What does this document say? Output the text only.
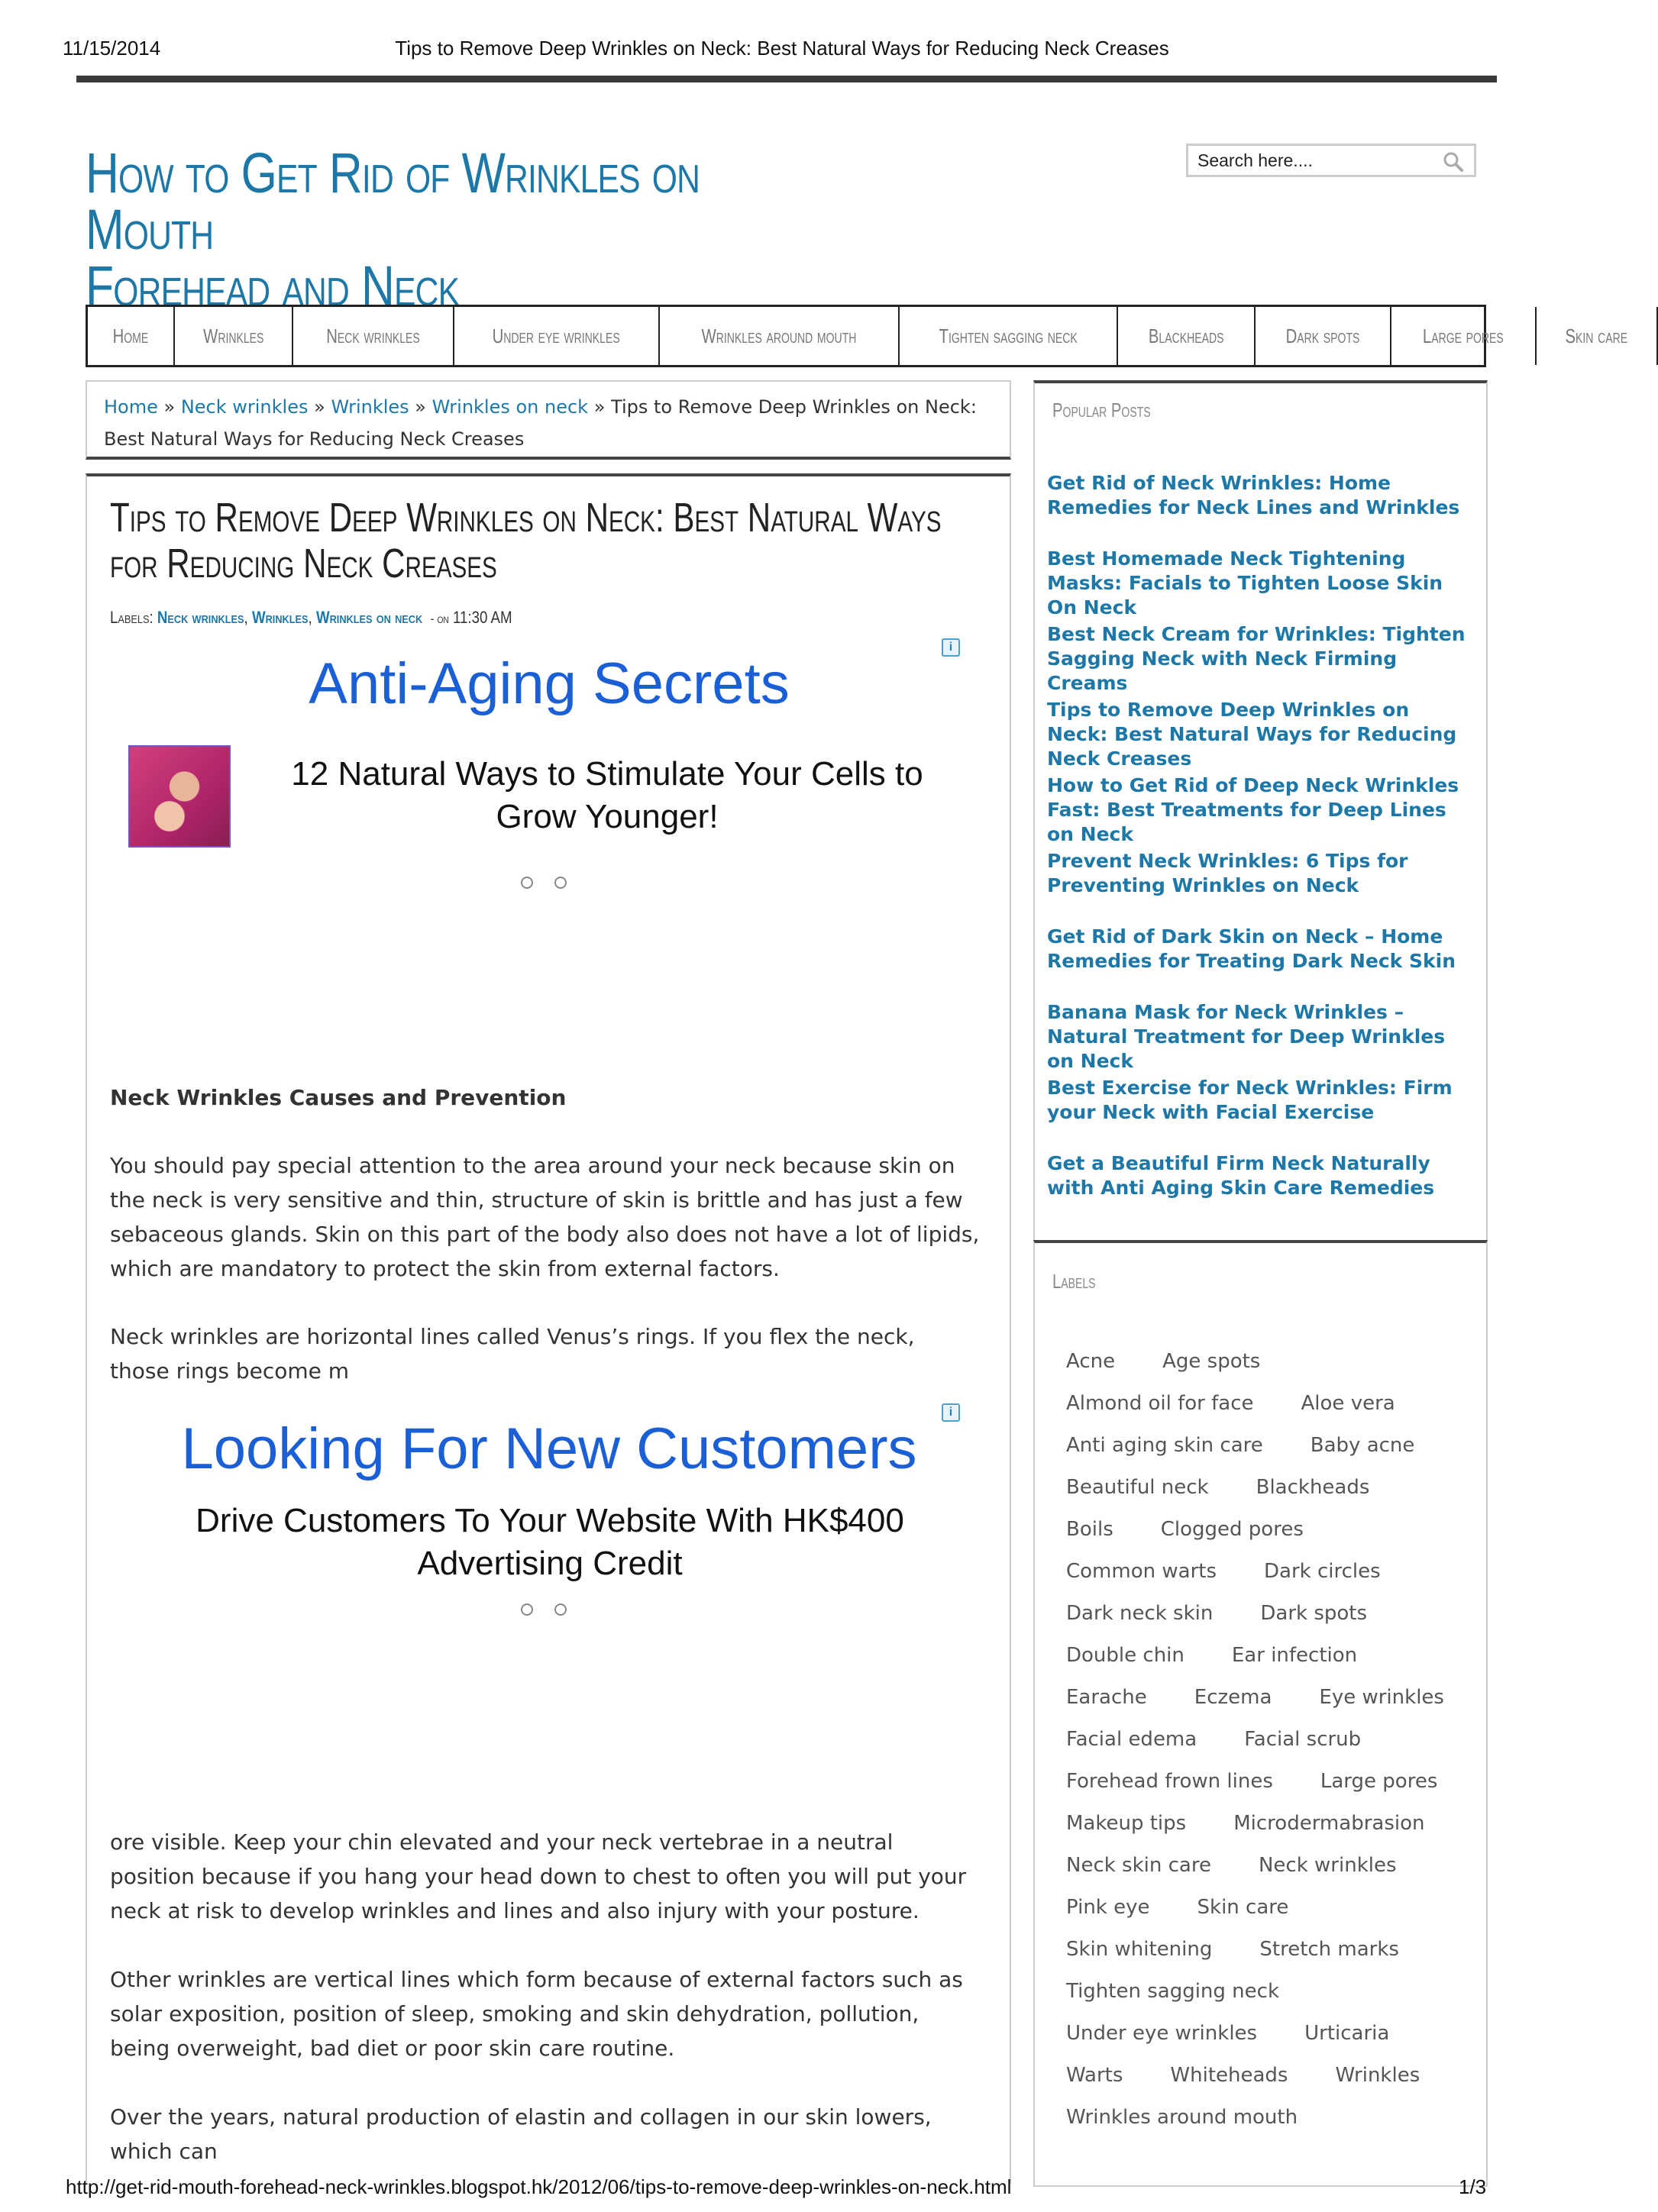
11/15/2014	Tips to Remove Deep Wrinkles on Neck: Best Natural Ways for Reducing Neck Creases
How to Get Rid of Wrinkles on Mouth
Forehead and Neck
Search here....
Home	Wrinkles	Neck wrinkles	Under eye wrinkles	Wrinkles around mouth	Tighten sagging neck	Blackheads	Dark spots	Large pores	Skin care
Home » Neck wrinkles » Wrinkles » Wrinkles on neck » Tips to Remove Deep Wrinkles on Neck: Best Natural Ways for Reducing Neck Creases
Tips to Remove Deep Wrinkles on Neck: Best Natural Ways for Reducing Neck Creases
Labels: Neck wrinkles, Wrinkles, Wrinkles on neck - on 11:30 AM
i
Anti-Aging Secrets
12 Natural Ways to Stimulate Your Cells to Grow Younger!
Neck Wrinkles Causes and Prevention
You should pay special attention to the area around your neck because skin on the neck is very sensitive and thin, structure of skin is brittle and has just a few sebaceous glands. Skin on this part of the body also does not have a lot of lipids, which are mandatory to protect the skin from external factors.
Neck wrinkles are horizontal lines called Venus’s rings. If you flex the neck, those rings become m
i
Looking For New Customers
Drive Customers To Your Website With HK$400 Advertising Credit
ore visible. Keep your chin elevated and your neck vertebrae in a neutral position because if you hang your head down to chest to often you will put your neck at risk to develop wrinkles and lines and also injury with your posture.
Other wrinkles are vertical lines which form because of external factors such as solar exposition, position of sleep, smoking and skin dehydration, pollution, being overweight, bad diet or poor skin care routine.
Over the years, natural production of elastin and collagen in our skin lowers, which can
Popular Posts
Get Rid of Neck Wrinkles: Home Remedies for Neck Lines and Wrinkles
Best Homemade Neck Tightening Masks: Facials to Tighten Loose Skin On Neck
Best Neck Cream for Wrinkles: Tighten Sagging Neck with Neck Firming Creams
Tips to Remove Deep Wrinkles on Neck: Best Natural Ways for Reducing Neck Creases
How to Get Rid of Deep Neck Wrinkles Fast: Best Treatments for Deep Lines on Neck
Prevent Neck Wrinkles: 6 Tips for Preventing Wrinkles on Neck
Get Rid of Dark Skin on Neck – Home Remedies for Treating Dark Neck Skin
Banana Mask for Neck Wrinkles – Natural Treatment for Deep Wrinkles on Neck
Best Exercise for Neck Wrinkles: Firm your Neck with Facial Exercise
Get a Beautiful Firm Neck Naturally with Anti Aging Skin Care Remedies
Labels
Acne Age spots
Almond oil for face Aloe vera
Anti aging skin care Baby acne
Beautiful neck Blackheads
Boils Clogged pores
Common warts Dark circles
Dark neck skin Dark spots
Double chin Ear infection
Earache Eczema Eye wrinkles
Facial edema Facial scrub
Forehead frown lines Large pores
Makeup tips Microdermabrasion
Neck skin care Neck wrinkles
Pink eye Skin care
Skin whitening Stretch marks
Tighten sagging neck
Under eye wrinkles Urticaria
Warts Whiteheads Wrinkles
Wrinkles around mouth
http://get-rid-mouth-forehead-neck-wrinkles.blogspot.hk/2012/06/tips-to-remove-deep-wrinkles-on-neck.html	1/3
